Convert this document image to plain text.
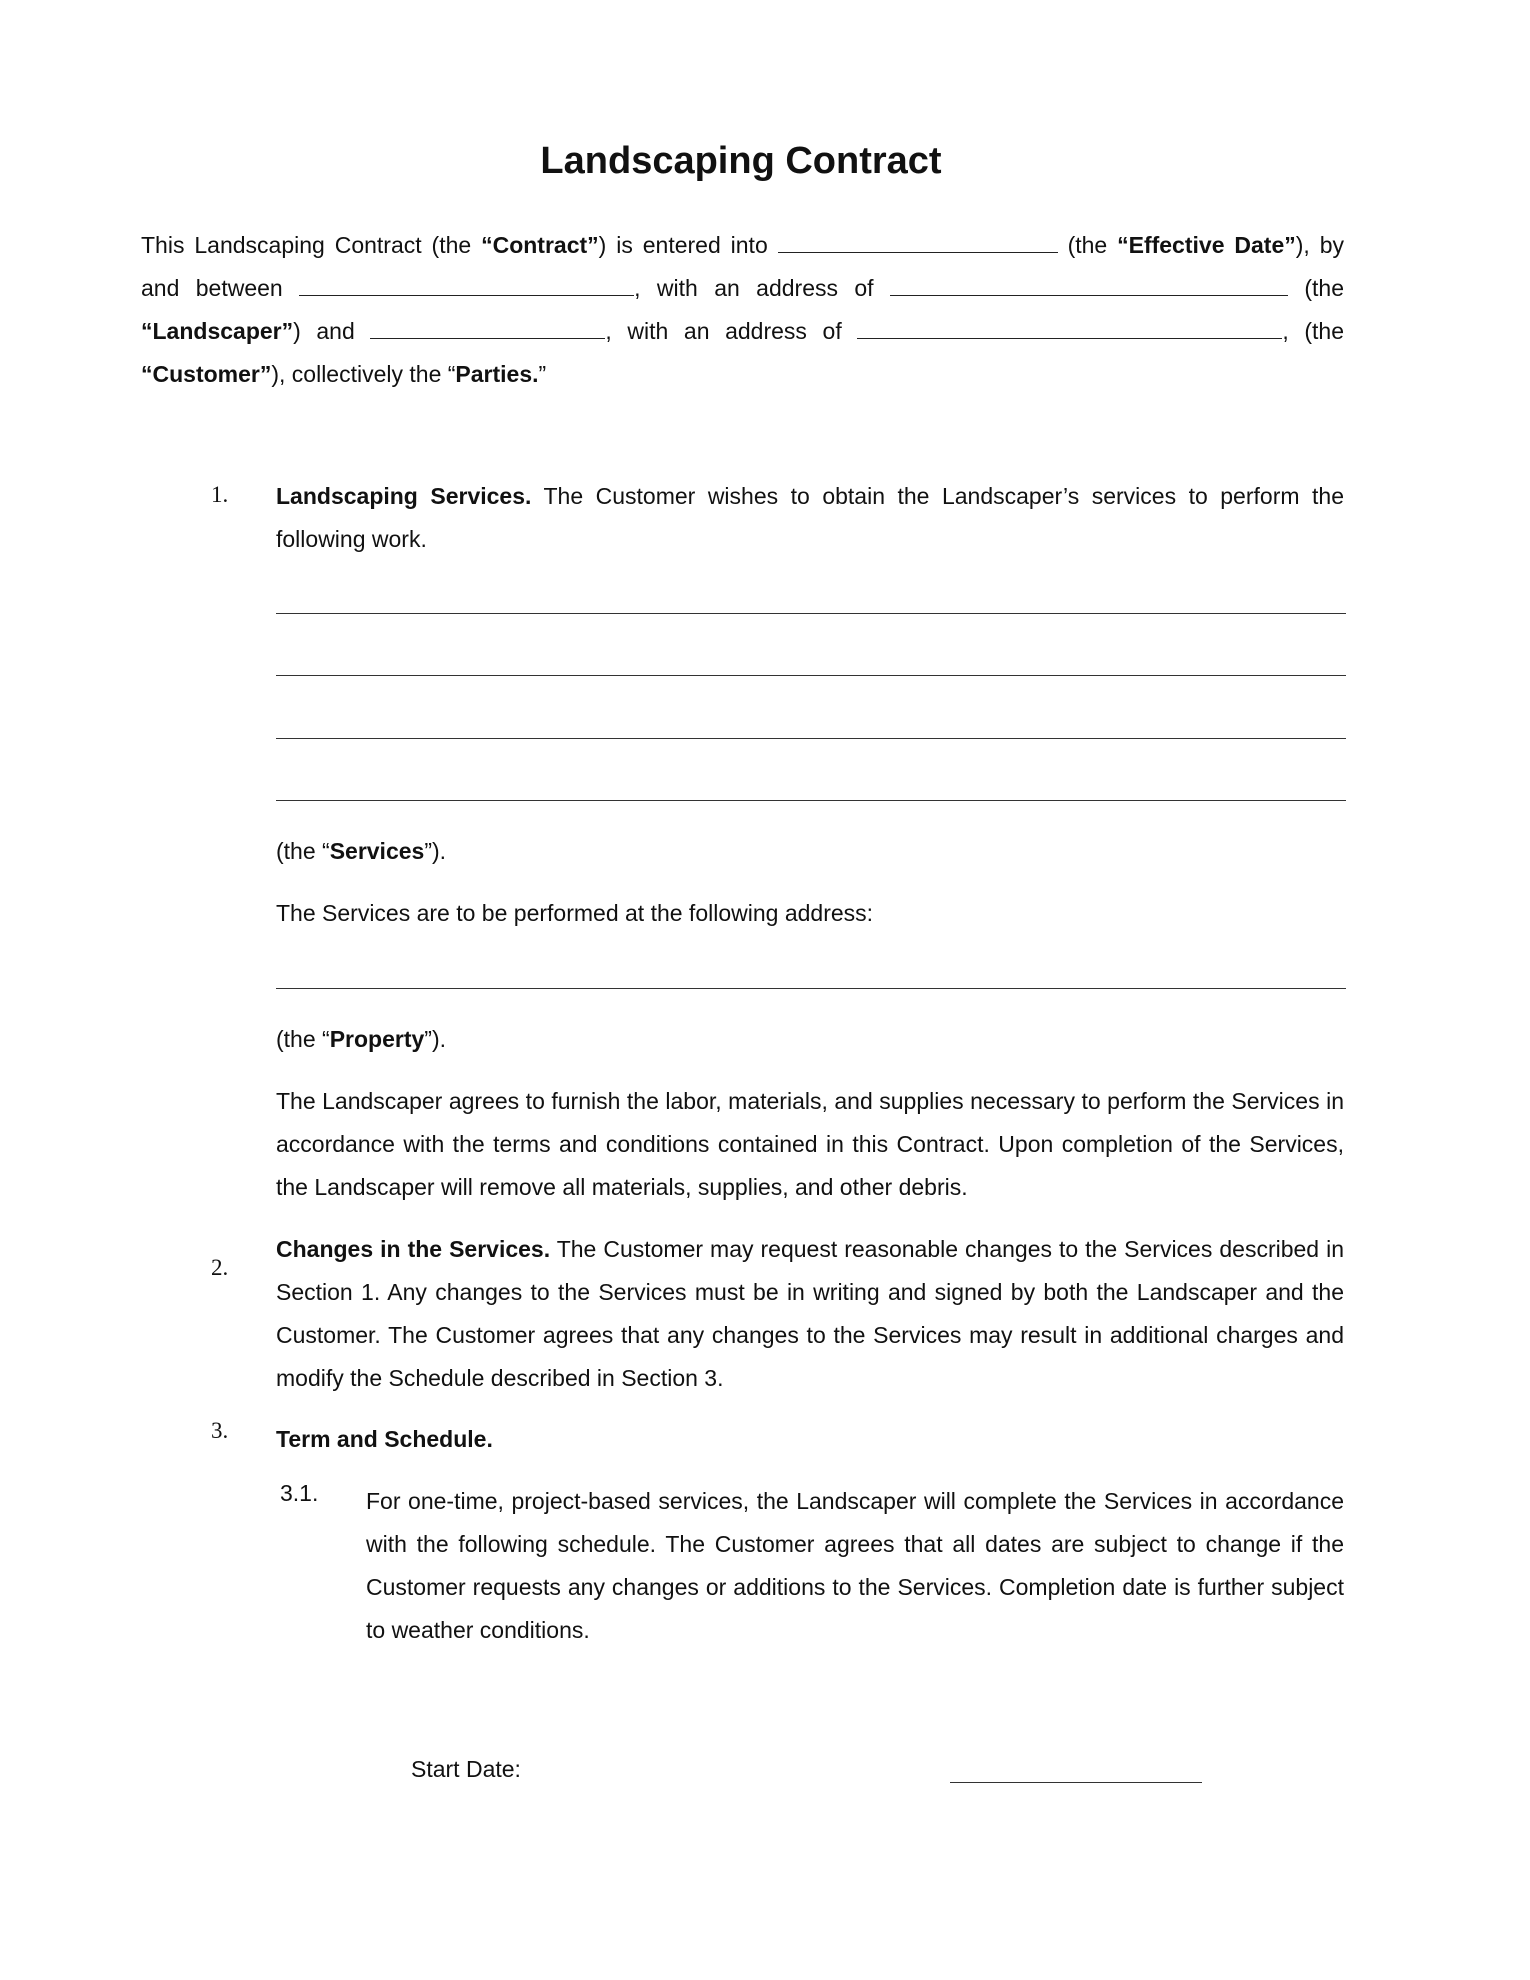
Landscaping Contract
This Landscaping Contract (the “Contract”) is entered into	(the “Effective Date”), by and between	, with an address of	(the “Landscaper”) and	, with an address of	, (the “Customer”), collectively the “Parties.”
1. Landscaping Services. The Customer wishes to obtain the Landscaper’s services to perform the following work.
(the “Services”).
The Services are to be performed at the following address:
(the “Property”).
The Landscaper agrees to furnish the labor, materials, and supplies necessary to perform the Services in accordance with the terms and conditions contained in this Contract. Upon completion of the Services, the Landscaper will remove all materials, supplies, and other debris.
2.
Changes in the Services. The Customer may request reasonable changes to the Services described in Section 1. Any changes to the Services must be in writing and signed by both the Landscaper and the Customer. The Customer agrees that any changes to the Services may result in additional charges and modify the Schedule described in Section 3.
3. Term and Schedule.
3.1. For one-time, project-based services, the Landscaper will complete the Services in accordance with the following schedule. The Customer agrees that all dates are subject to change if the Customer requests any changes or additions to the Services. Completion date is further subject to weather conditions.
Start Date:
